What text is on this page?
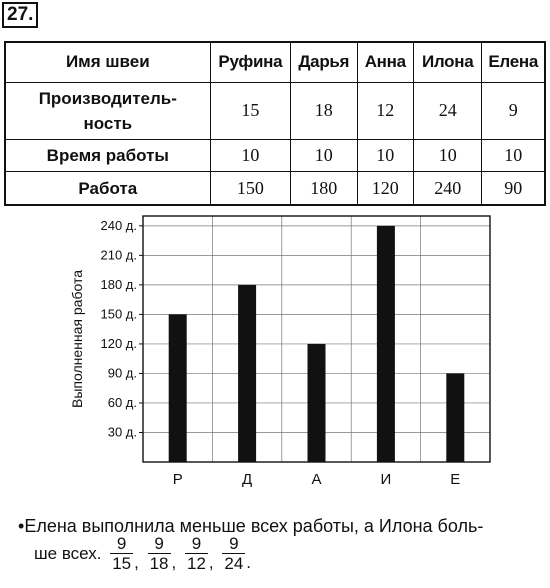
27.
Имя швеи	Руфина	Дарья	Анна	Илона	Елена
Производитель-
ность	15	18	12	24	9
Время работы	10	10	10	10	10
Работа	150	180	120	240	90
30 д.
60 д.
90 д.
120 д.
150 д.
180 д.
210 д.
240 д.
Р	Д	А	И	Е
Выполненная работа
•Елена выполнила меньше всех работы, а Илона боль-
ше всех. $\frac{9}{15}$ , $\frac{9}{18}$ , $\frac{9}{12}$ , $\frac{9}{24}$ .
